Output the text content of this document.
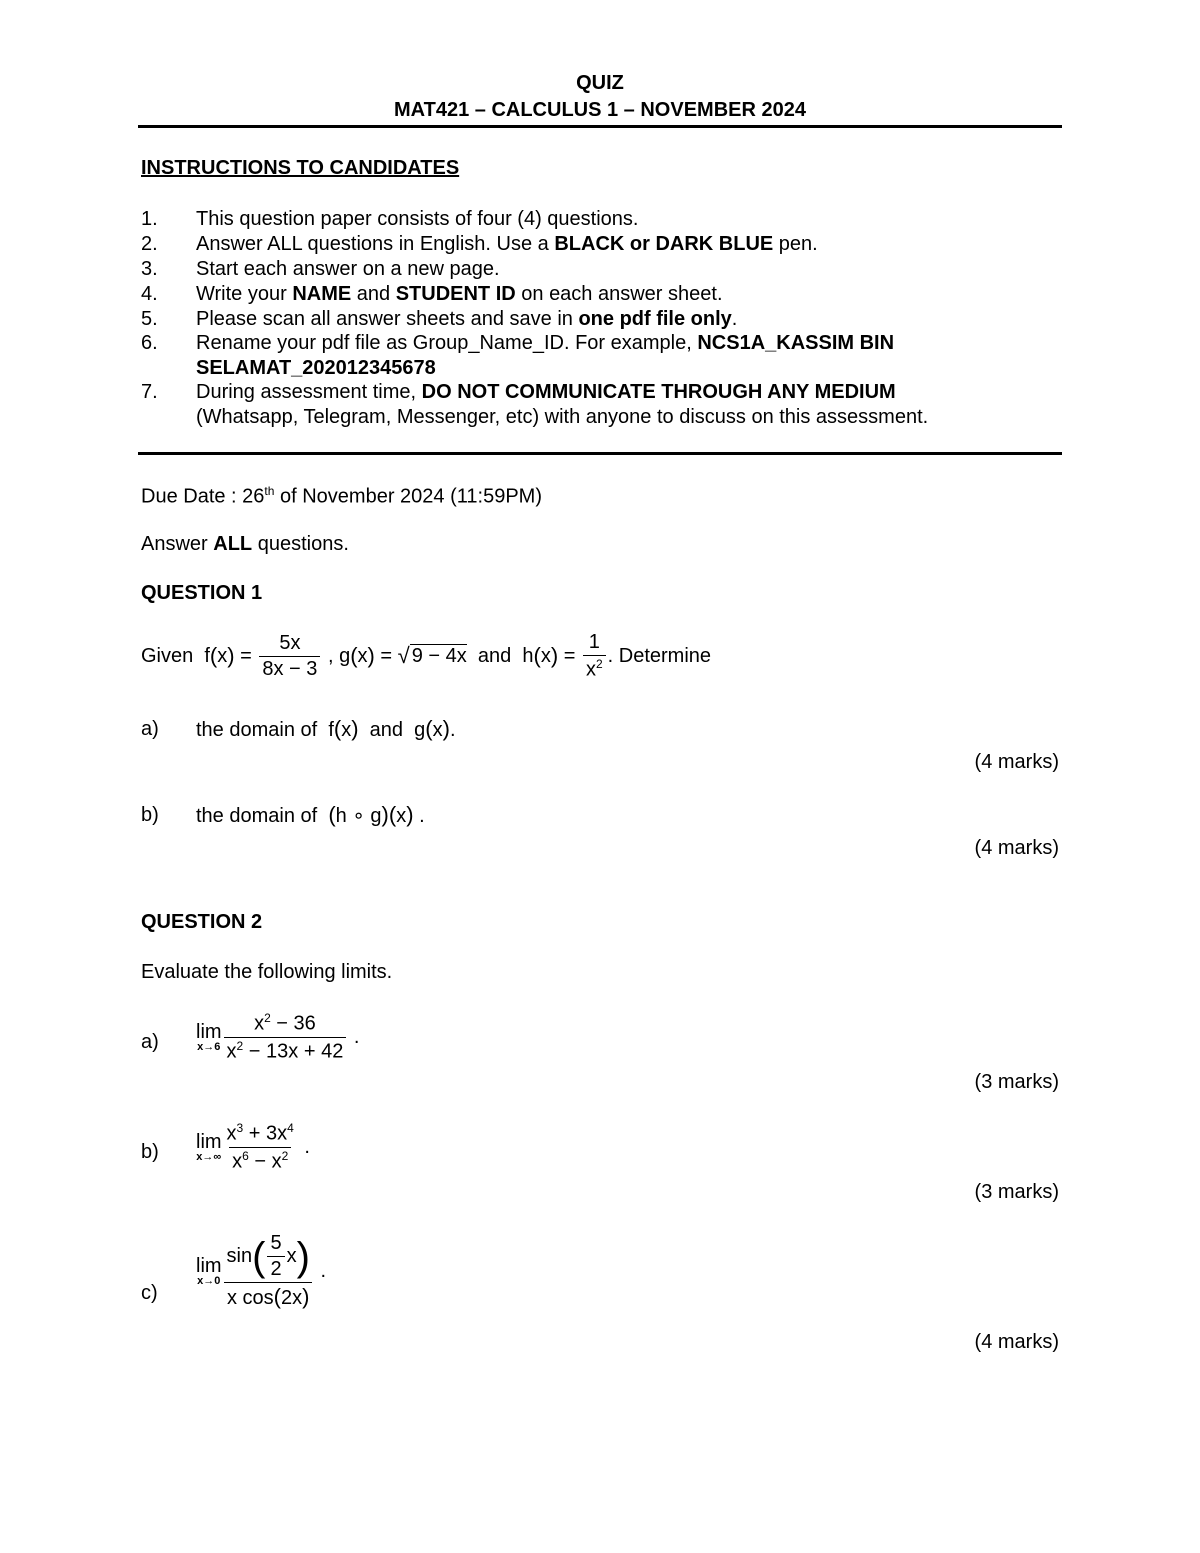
QUIZ
MAT421 – CALCULUS 1 – NOVEMBER 2024
INSTRUCTIONS TO CANDIDATES
1. This question paper consists of four (4) questions.
2. Answer ALL questions in English. Use a BLACK or DARK BLUE pen.
3. Start each answer on a new page.
4. Write your NAME and STUDENT ID on each answer sheet.
5. Please scan all answer sheets and save in one pdf file only.
6. Rename your pdf file as Group_Name_ID. For example, NCS1A_KASSIM BIN
SELAMAT_202012345678
7. During assessment time, DO NOT COMMUNICATE THROUGH ANY MEDIUM
(Whatsapp, Telegram, Messenger, etc) with anyone to discuss on this assessment.
Due Date : 26th of November 2024 (11:59PM)
Answer ALL questions.
QUESTION 1
Given f ( x ) = $\frac{5x}{8x - 3}$ , g ( x ) = √ 9 − 4x and  h ( x ) = $\frac{1}{x^2}$ . Determine
a) the domain of  f(x) and  g(x).
(4 marks)
b) the domain of (h ∘ g)(x) .
(4 marks)
QUESTION 2
Evaluate the following limits.
a) lim
$x\to 6 \frac{x^2 - 36}{x^2 - 13x + 42}$ .
(3 marks)
b) lim
$x\to\infty \frac{x^3 + 3x^4}{x^6 - x^2}$ .
(3 marks)
c)
lim
$x\to 0 \frac{\sin ( \frac{5}{2} x )}{\text{x cos(2x)}}$ .
(4 marks)
